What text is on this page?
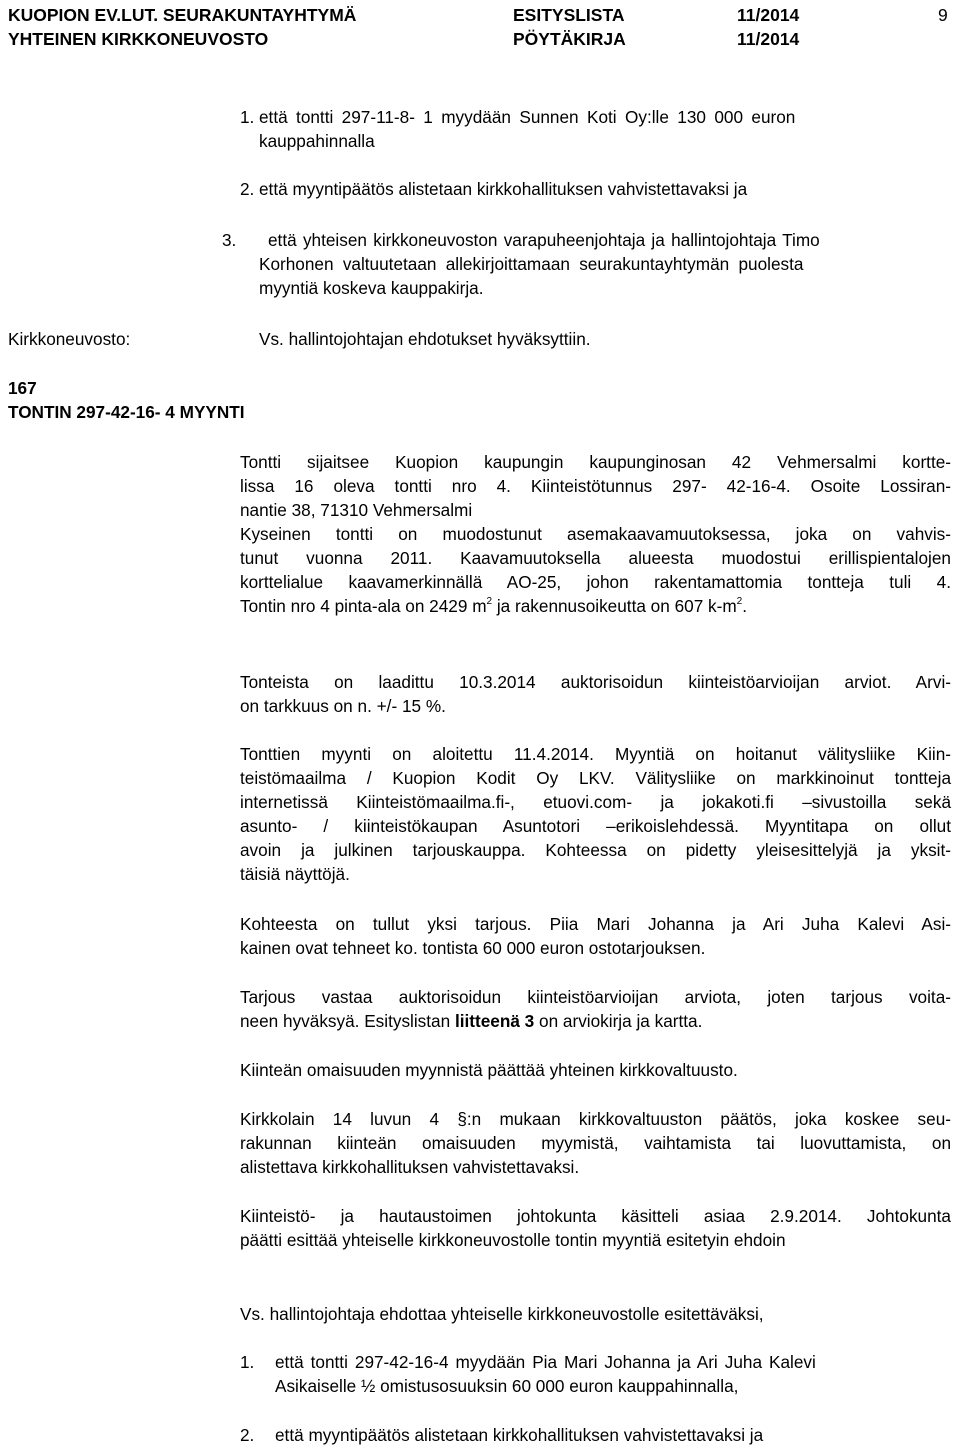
KUOPION EV.LUT. SEURAKUNTAYHTYMÄ
YHTEINEN KIRKKONEUVOSTO
ESITYSLISTA
PÖYTÄKIRJA
11/2014
11/2014
9
1. että tontti 297-11-8- 1 myydään Sunnen Koti Oy:lle 130 000 euron
kauppahinnalla
2. että myyntipäätös alistetaan kirkkohallituksen vahvistettavaksi ja
3. että yhteisen kirkkoneuvoston varapuheenjohtaja ja hallintojohtaja Timo
Korhonen valtuutetaan allekirjoittamaan seurakuntayhtymän puolesta
myyntiä koskeva kauppakirja.
Kirkkoneuvosto:	Vs. hallintojohtajan ehdotukset hyväksyttiin.
167
TONTIN 297-42-16- 4 MYYNTI
Tontti sijaitsee Kuopion kaupungin kaupunginosan 42 Vehmersalmi kortte-
lissa 16 oleva tontti nro 4. Kiinteistötunnus 297- 42-16-4. Osoite Lossiran-
nantie 38, 71310 Vehmersalmi
Kyseinen tontti on muodostunut asemakaavamuutoksessa, joka on vahvis-
tunut vuonna 2011. Kaavamuutoksella alueesta muodostui erillispientalojen
korttelialue kaavamerkinnällä AO-25, johon rakentamattomia tontteja tuli 4.
Tontin nro 4 pinta-ala on 2429 $m^2$ ja rakennusoikeutta on 607 $k-m^2$.
Tonteista on laadittu 10.3.2014 auktorisoidun kiinteistöarvioijan arviot. Arvi-
on tarkkuus on n. +/- 15 %.
Tonttien myynti on aloitettu 11.4.2014. Myyntiä on hoitanut välitysliike Kiin-
teistömaailma / Kuopion Kodit Oy LKV. Välitysliike on markkinoinut tontteja
internetissä Kiinteistömaailma.fi-, etuovi.com- ja jokakoti.fi –sivustoilla sekä
asunto- / kiinteistökaupan Asuntotori –erikoislehdessä. Myyntitapa on ollut
avoin ja julkinen tarjouskauppa. Kohteessa on pidetty yleisesittelyjä ja yksit-
täisiä näyttöjä.
Kohteesta on tullut yksi tarjous. Piia Mari Johanna ja Ari Juha Kalevi Asi-
kainen ovat tehneet ko. tontista 60 000 euron ostotarjouksen.
Tarjous vastaa auktorisoidun kiinteistöarvioijan arviota, joten tarjous voita-
neen hyväksyä. Esityslistan liitteenä 3 on arviokirja ja kartta.
Kiinteän omaisuuden myynnistä päättää yhteinen kirkkovaltuusto.
Kirkkolain 14 luvun 4 §:n mukaan kirkkovaltuuston päätös, joka koskee seu-
rakunnan kiinteän omaisuuden myymistä, vaihtamista tai luovuttamista, on
alistettava kirkkohallituksen vahvistettavaksi.
Kiinteistö- ja hautaustoimen johtokunta käsitteli asiaa 2.9.2014. Johtokunta
päätti esittää yhteiselle kirkkoneuvostolle tontin myyntiä esitetyin ehdoin
Vs. hallintojohtaja ehdottaa yhteiselle kirkkoneuvostolle esitettäväksi,
1. että tontti 297-42-16-4 myydään Pia Mari Johanna ja Ari Juha Kalevi
Asikaiselle ½ omistusosuuksin 60 000 euron kauppahinnalla,
2. että myyntipäätös alistetaan kirkkohallituksen vahvistettavaksi ja
